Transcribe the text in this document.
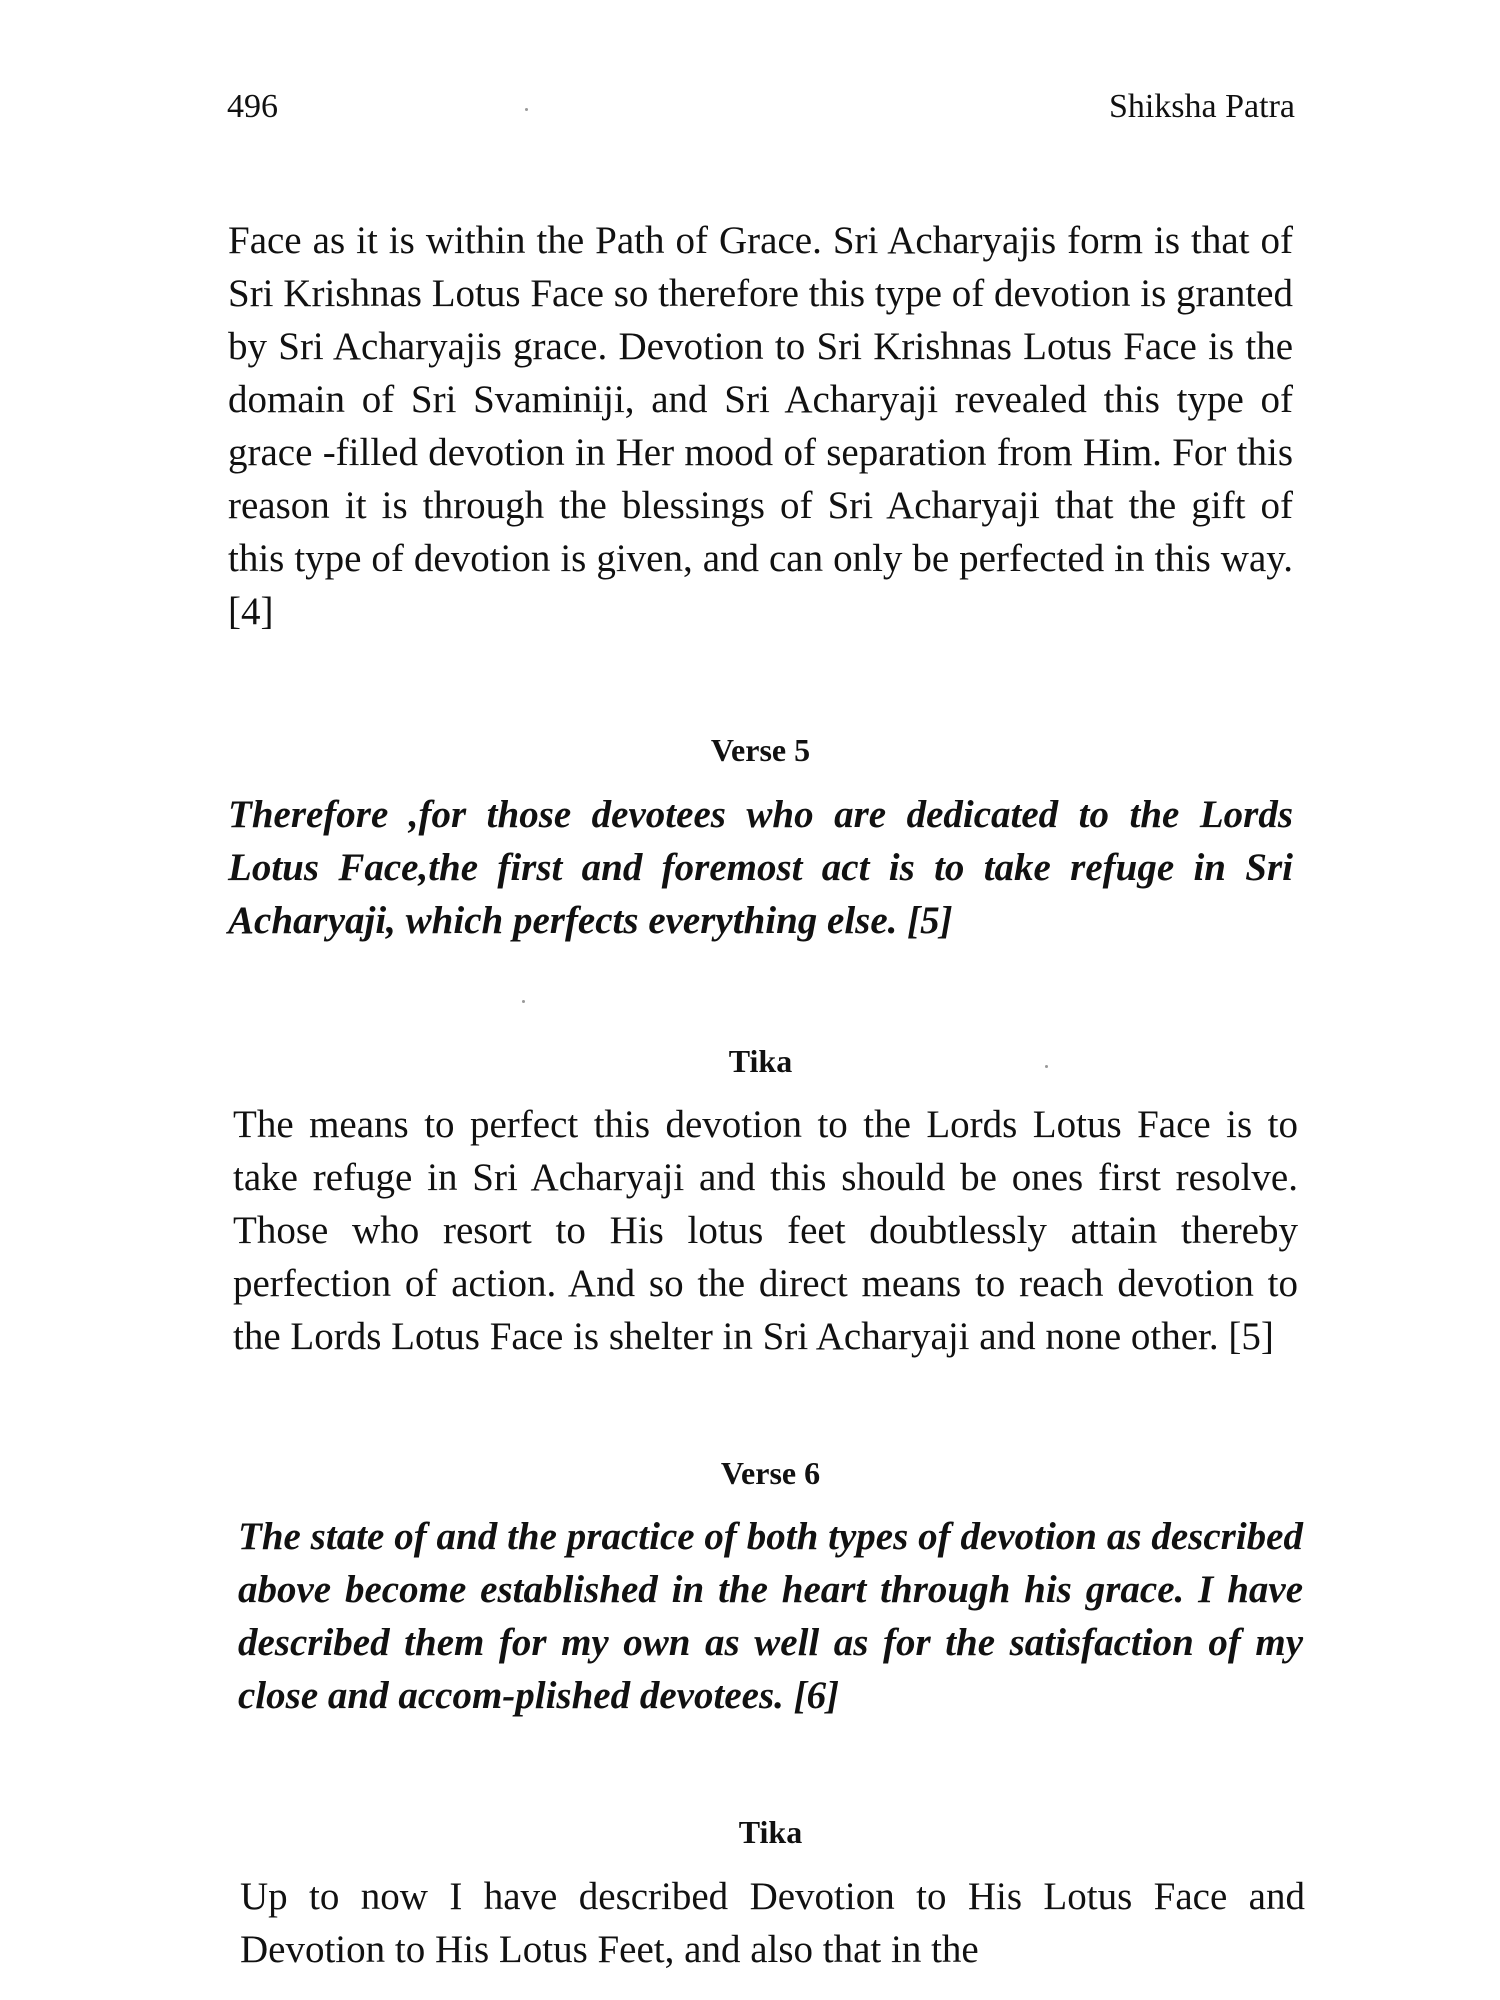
496	Shiksha Patra

Face as it is within the Path of Grace. Sri Acharyajis form is that of Sri Krishnas Lotus Face so therefore this type of devotion is granted by Sri Acharyajis grace. Devotion to Sri Krishnas Lotus Face is the domain of Sri Svaminiji, and Sri Acharyaji revealed this type of grace -filled devotion in Her mood of separation from Him. For this reason it is through the blessings of Sri Acharyaji that the gift of this type of devotion is given, and can only be perfected in this way. [4]

Verse 5

Therefore ,for those devotees who are dedicated to the Lords Lotus Face,the first and foremost act is to take refuge in Sri Acharyaji, which perfects everything else. [5]

Tika

The means to perfect this devotion to the Lords Lotus Face is to take refuge in Sri Acharyaji and this should be ones first resolve. Those who resort to His lotus feet doubtlessly attain thereby perfection of action. And so the direct means to reach devotion to the Lords Lotus Face is shelter in Sri Acharyaji and none other. [5]

Verse 6

The state of and the practice of both types of devotion as described above become established in the heart through his grace. I have described them for my own as well as for the satisfaction of my close and accom-plished devotees. [6]

Tika

Up to now I have described Devotion to His Lotus Face and Devotion to His Lotus Feet, and also that in the
